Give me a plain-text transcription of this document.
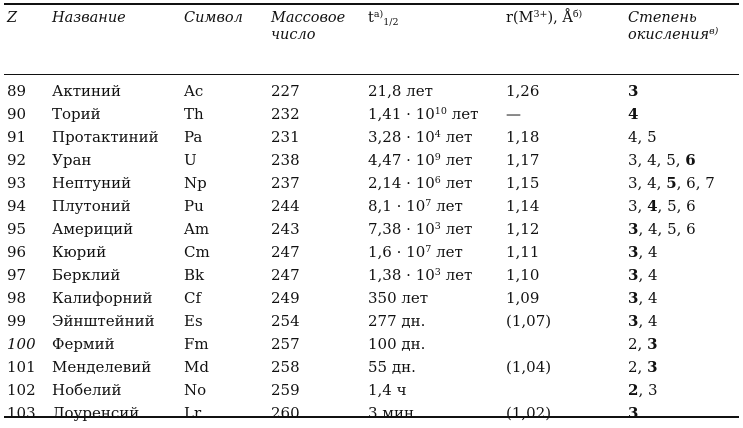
Z	Название	Символ	Массовое
число	$t^{а)}_{1/2}$	$r(M^{3+})$, $Å^{б)}$	Степень
окисления$^{в)}$
89	Актиний	Ac	227	21,8 лет	1,26	3
90	Торий	Th	232	$1,41 \cdot 10^{10}$ лет	—	4
91	Протактиний	Pa	231	$3,28 \cdot 10^4$ лет	1,18	4, 5
92	Уран	U	238	$4,47 \cdot 10^9$ лет	1,17	3, 4, 5, 6
93	Нептуний	Np	237	$2,14 \cdot 10^6$ лет	1,15	3, 4, 5, 6, 7
94	Плутоний	Pu	244	$8,1 \cdot 10^7$ лет	1,14	3, 4, 5, 6
95	Америций	Am	243	$7,38 \cdot 10^3$ лет	1,12	3, 4, 5, 6
96	Кюрий	Cm	247	$1,6 \cdot 10^7$ лет	1,11	3, 4
97	Берклий	Bk	247	$1,38 \cdot 10^3$ лет	1,10	3, 4
98	Калифорний	Cf	249	350 лет	1,09	3, 4
99	Эйнштейний	Es	254	277 дн.	(1,07)	3, 4
100	Фермий	Fm	257	100 дн.		2, 3
101	Менделевий	Md	258	55 дн.	(1,04)	2, 3
102	Нобелий	No	259	1,4 ч		2, 3
103	Лоуренсий	Lr	260	3 мин	(1,02)	3
